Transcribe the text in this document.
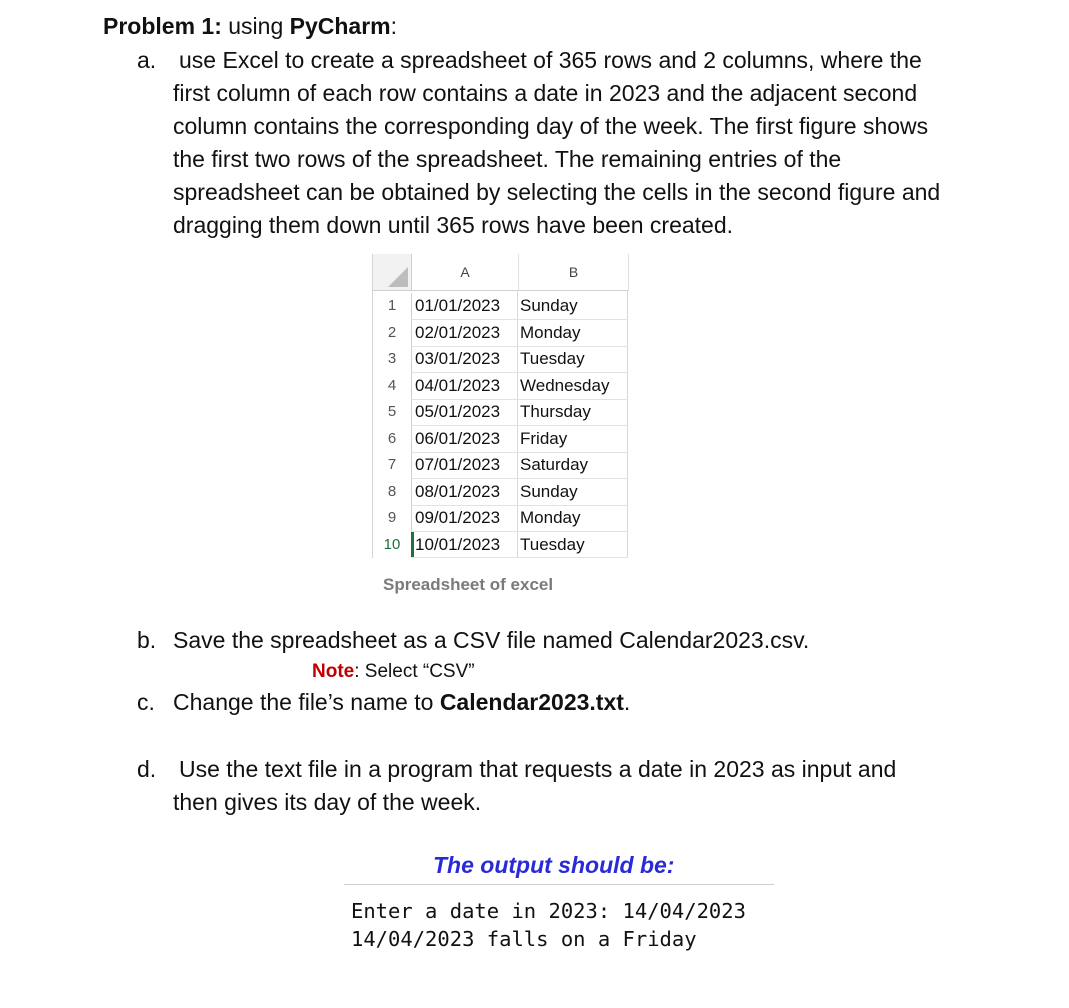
Problem 1: using PyCharm:
a. use Excel to create a spreadsheet of 365 rows and 2 columns, where the
first column of each row contains a date in 2023 and the adjacent second
column contains the corresponding day of the week. The first figure shows
the first two rows of the spreadsheet. The remaining entries of the
spreadsheet can be obtained by selecting the cells in the second figure and
dragging them down until 365 rows have been created.
A	B
1	01/01/2023	Sunday
2	02/01/2023	Monday
3	03/01/2023	Tuesday
4	04/01/2023	Wednesday
5	05/01/2023	Thursday
6	06/01/2023	Friday
7	07/01/2023	Saturday
8	08/01/2023	Sunday
9	09/01/2023	Monday
10 10/01/2023	Tuesday
Spreadsheet of excel
b. Save the spreadsheet as a CSV file named Calendar2023.csv.
Note: Select “CSV”
c. Change the file’s name to Calendar2023.txt.
d. Use the text file in a program that requests a date in 2023 as input and
then gives its day of the week.
The output should be:
Enter a date in 2023: 14/04/2023
14/04/2023 falls on a Friday
